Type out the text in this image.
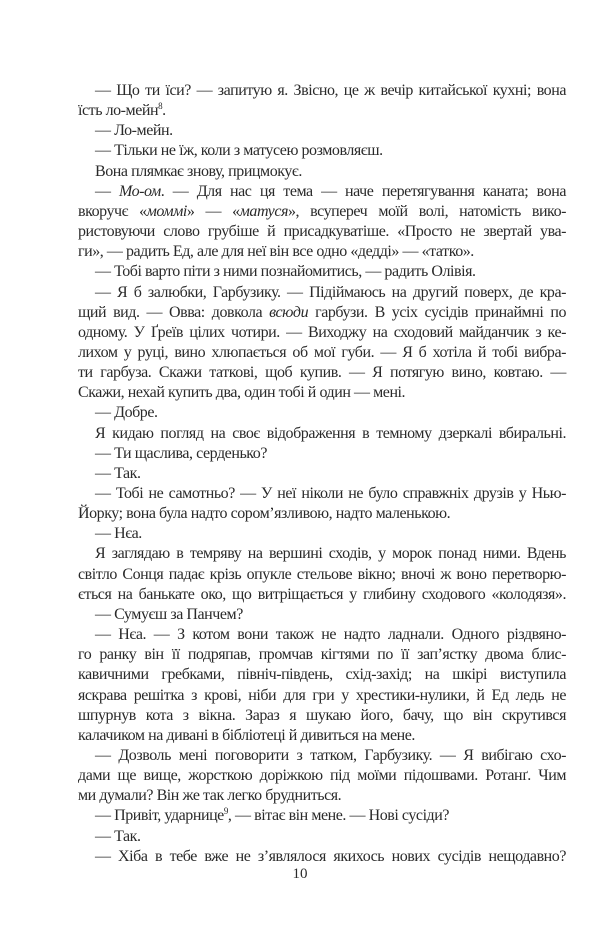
— Що ти їси? — запитую я. Звісно, це ж вечір китайської кухні; вона
їсть ло-мейн$^8$.
— Ло-мейн.
— Тільки не їж, коли з матусею розмовляєш.
Вона плямкає знову, прицмокує.
— Мо-ом. — Для нас ця тема — наче перетягування каната; вона
вкоручє «моммі» — «матуся», всупереч моїй волі, натомість вико-
ристовуючи слово грубіше й присадкуватіше. «Просто не звертай ува-
ги», — радить Ед, але для неї він все одно «дедді» — «татко».
— Тобі варто піти з ними познайомитись, — радить Олівія.
— Я б залюбки, Гарбузику. — Підіймаюсь на другий поверх, де кра-
щий вид. — Овва: довкола всюди гарбузи. В усіх сусідів принаймні по
одному. У Ґреїв цілих чотири. — Виходжу на сходовий майданчик з ке-
лихом у руці, вино хлюпається об мої губи. — Я б хотіла й тобі вибра-
ти гарбуза. Скажи таткові, щоб купив. — Я потягую вино, ковтаю. —
Скажи, нехай купить два, один тобі й один — мені.
— Добре.
Я кидаю погляд на своє відображення в темному дзеркалі вбиральні.
— Ти щаслива, серденько?
— Так.
— Тобі не самотньо? — У неї ніколи не було справжніх друзів у Нью-
Йорку; вона була надто сором’язливою, надто маленькою.
— Нєа.
Я заглядаю в темряву на вершині сходів, у морок понад ними. Вдень
світло Сонця падає крізь опукле стельове вікно; вночі ж воно перетворю-
ється на банькате око, що витріщається у глибину сходового «колодязя».
— Сумуєш за Панчем?
— Нєа. — З котом вони також не надто ладнали. Одного різдвяно-
го ранку він її подряпав, промчав кігтями по її зап’ястку двома блис-
кавичними гребками, північ-південь, схід-захід; на шкірі виступила
яскрава решітка з крові, ніби для гри у хрестики-нулики, й Ед ледь не
шпурнув кота з вікна. Зараз я шукаю його, бачу, що він скрутився
калачиком на дивані в бібліотеці й дивиться на мене.
— Дозволь мені поговорити з татком, Гарбузику. — Я вибігаю схо-
дами ще вище, жорсткою доріжкою під моїми підошвами. Ротанґ. Чим
ми думали? Він же так легко брудниться.
— Привіт, ударнице$^9$, — вітає він мене. — Нові сусіди?
— Так.
— Хіба в тебе вже не з’являлося якихось нових сусідів нещодавно?
10
